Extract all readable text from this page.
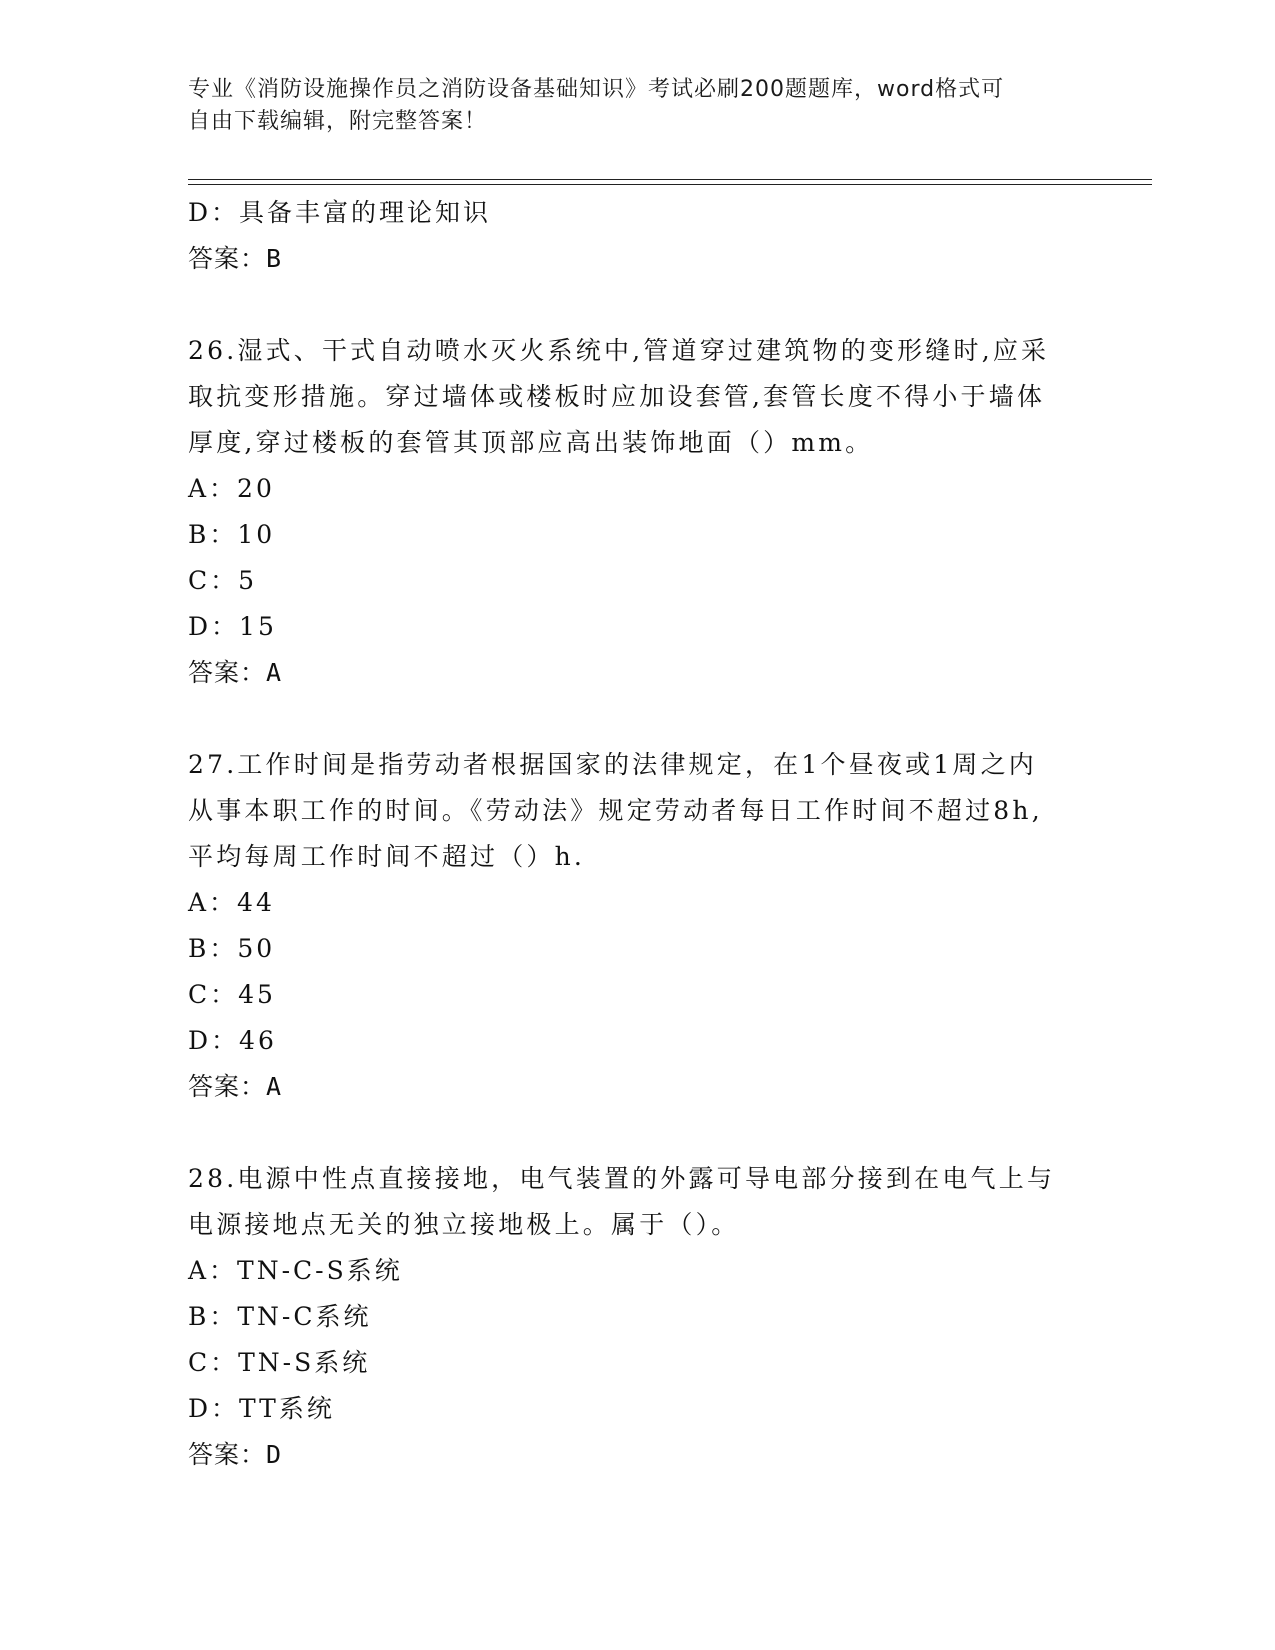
专业《消防设施操作员之消防设备基础知识》考试必刷200题题库，word格式可
自由下载编辑，附完整答案！
D：具备丰富的理论知识
答案：B
26.湿式、干式自动喷水灭火系统中,管道穿过建筑物的变形缝时,应采
取抗变形措施。穿过墙体或楼板时应加设套管,套管长度不得小于墙体
厚度,穿过楼板的套管其顶部应高出装饰地面（）mm。
A：20
B：10
C：5
D：15
答案：A
27.工作时间是指劳动者根据国家的法律规定，在1个昼夜或1周之内
从事本职工作的时间。《劳动法》规定劳动者每日工作时间不超过8h,
平均每周工作时间不超过（）h.
A：44
B：50
C：45
D：46
答案：A
28.电源中性点直接接地，电气装置的外露可导电部分接到在电气上与
电源接地点无关的独立接地极上。属于（）。
A：TN-C-S系统
B：TN-C系统
C：TN-S系统
D：TT系统
答案：D
